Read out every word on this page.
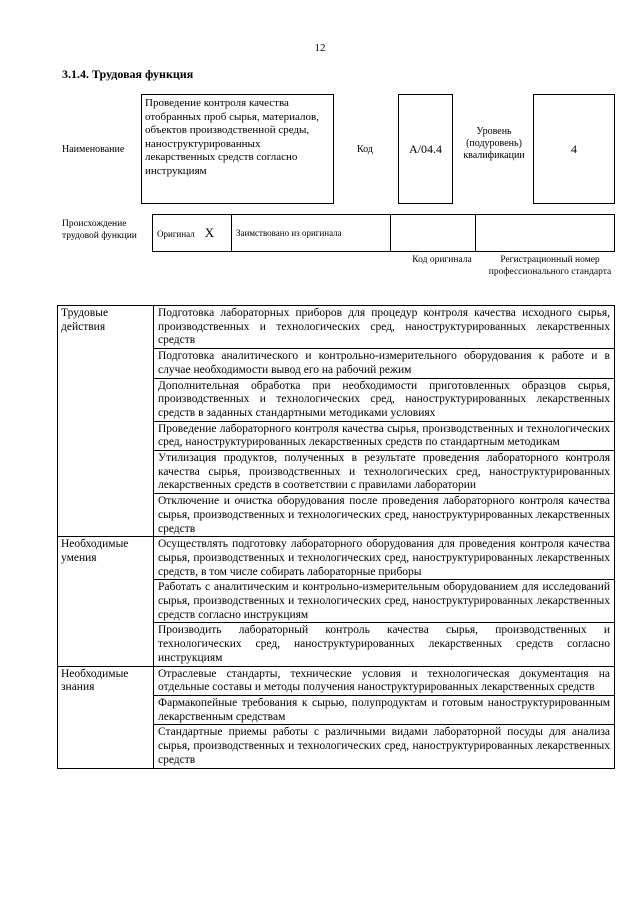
12
3.1.4. Трудовая функция
Наименование
Проведение контроля качества отобранных проб сырья, материалов, объектов производственной среды, наноструктурированных лекарственных средств согласно инструкциям
Код	А/04.4
Уровень (подуровень) квалификации	4
Происхождение трудовой функции	Оригинал X	Заимствовано из оригинала		
Код оригинала	Регистрационный номер профессионального стандарта
Трудовые действия	Подготовка лабораторных приборов для процедур контроля качества исходного сырья, производственных и технологических сред, наноструктурированных лекарственных средств
	Подготовка аналитического и контрольно-измерительного оборудования к работе и в случае необходимости вывод его на рабочий режим
	Дополнительная обработка при необходимости приготовленных образцов сырья, производственных и технологических сред, наноструктурированных лекарственных средств в заданных стандартными методиками условиях
	Проведение лабораторного контроля качества сырья, производственных и технологических сред, наноструктурированных лекарственных средств по стандартным методикам
	Утилизация продуктов, полученных в результате проведения лабораторного контроля качества сырья, производственных и технологических сред, наноструктурированных лекарственных средств в соответствии с правилами лаборатории
	Отключение и очистка оборудования после проведения лабораторного контроля качества сырья, производственных и технологических сред, наноструктурированных лекарственных средств
Необходимые умения	Осуществлять подготовку лабораторного оборудования для проведения контроля качества сырья, производственных и технологических сред, наноструктурированных лекарственных средств, в том числе собирать лабораторные приборы
	Работать с аналитическим и контрольно-измерительным оборудованием для исследований сырья, производственных и технологических сред, наноструктурированных лекарственных средств согласно инструкциям
	Производить лабораторный контроль качества сырья, производственных и технологических сред, наноструктурированных лекарственных средств согласно инструкциям
Необходимые знания	Отраслевые стандарты, технические условия и технологическая документация на отдельные составы и методы получения наноструктурированных лекарственных средств
	Фармакопейные требования к сырью, полупродуктам и готовым наноструктурированным лекарственным средствам
	Стандартные приемы работы с различными видами лабораторной посуды для анализа сырья, производственных и технологических сред, наноструктурированных лекарственных средств
